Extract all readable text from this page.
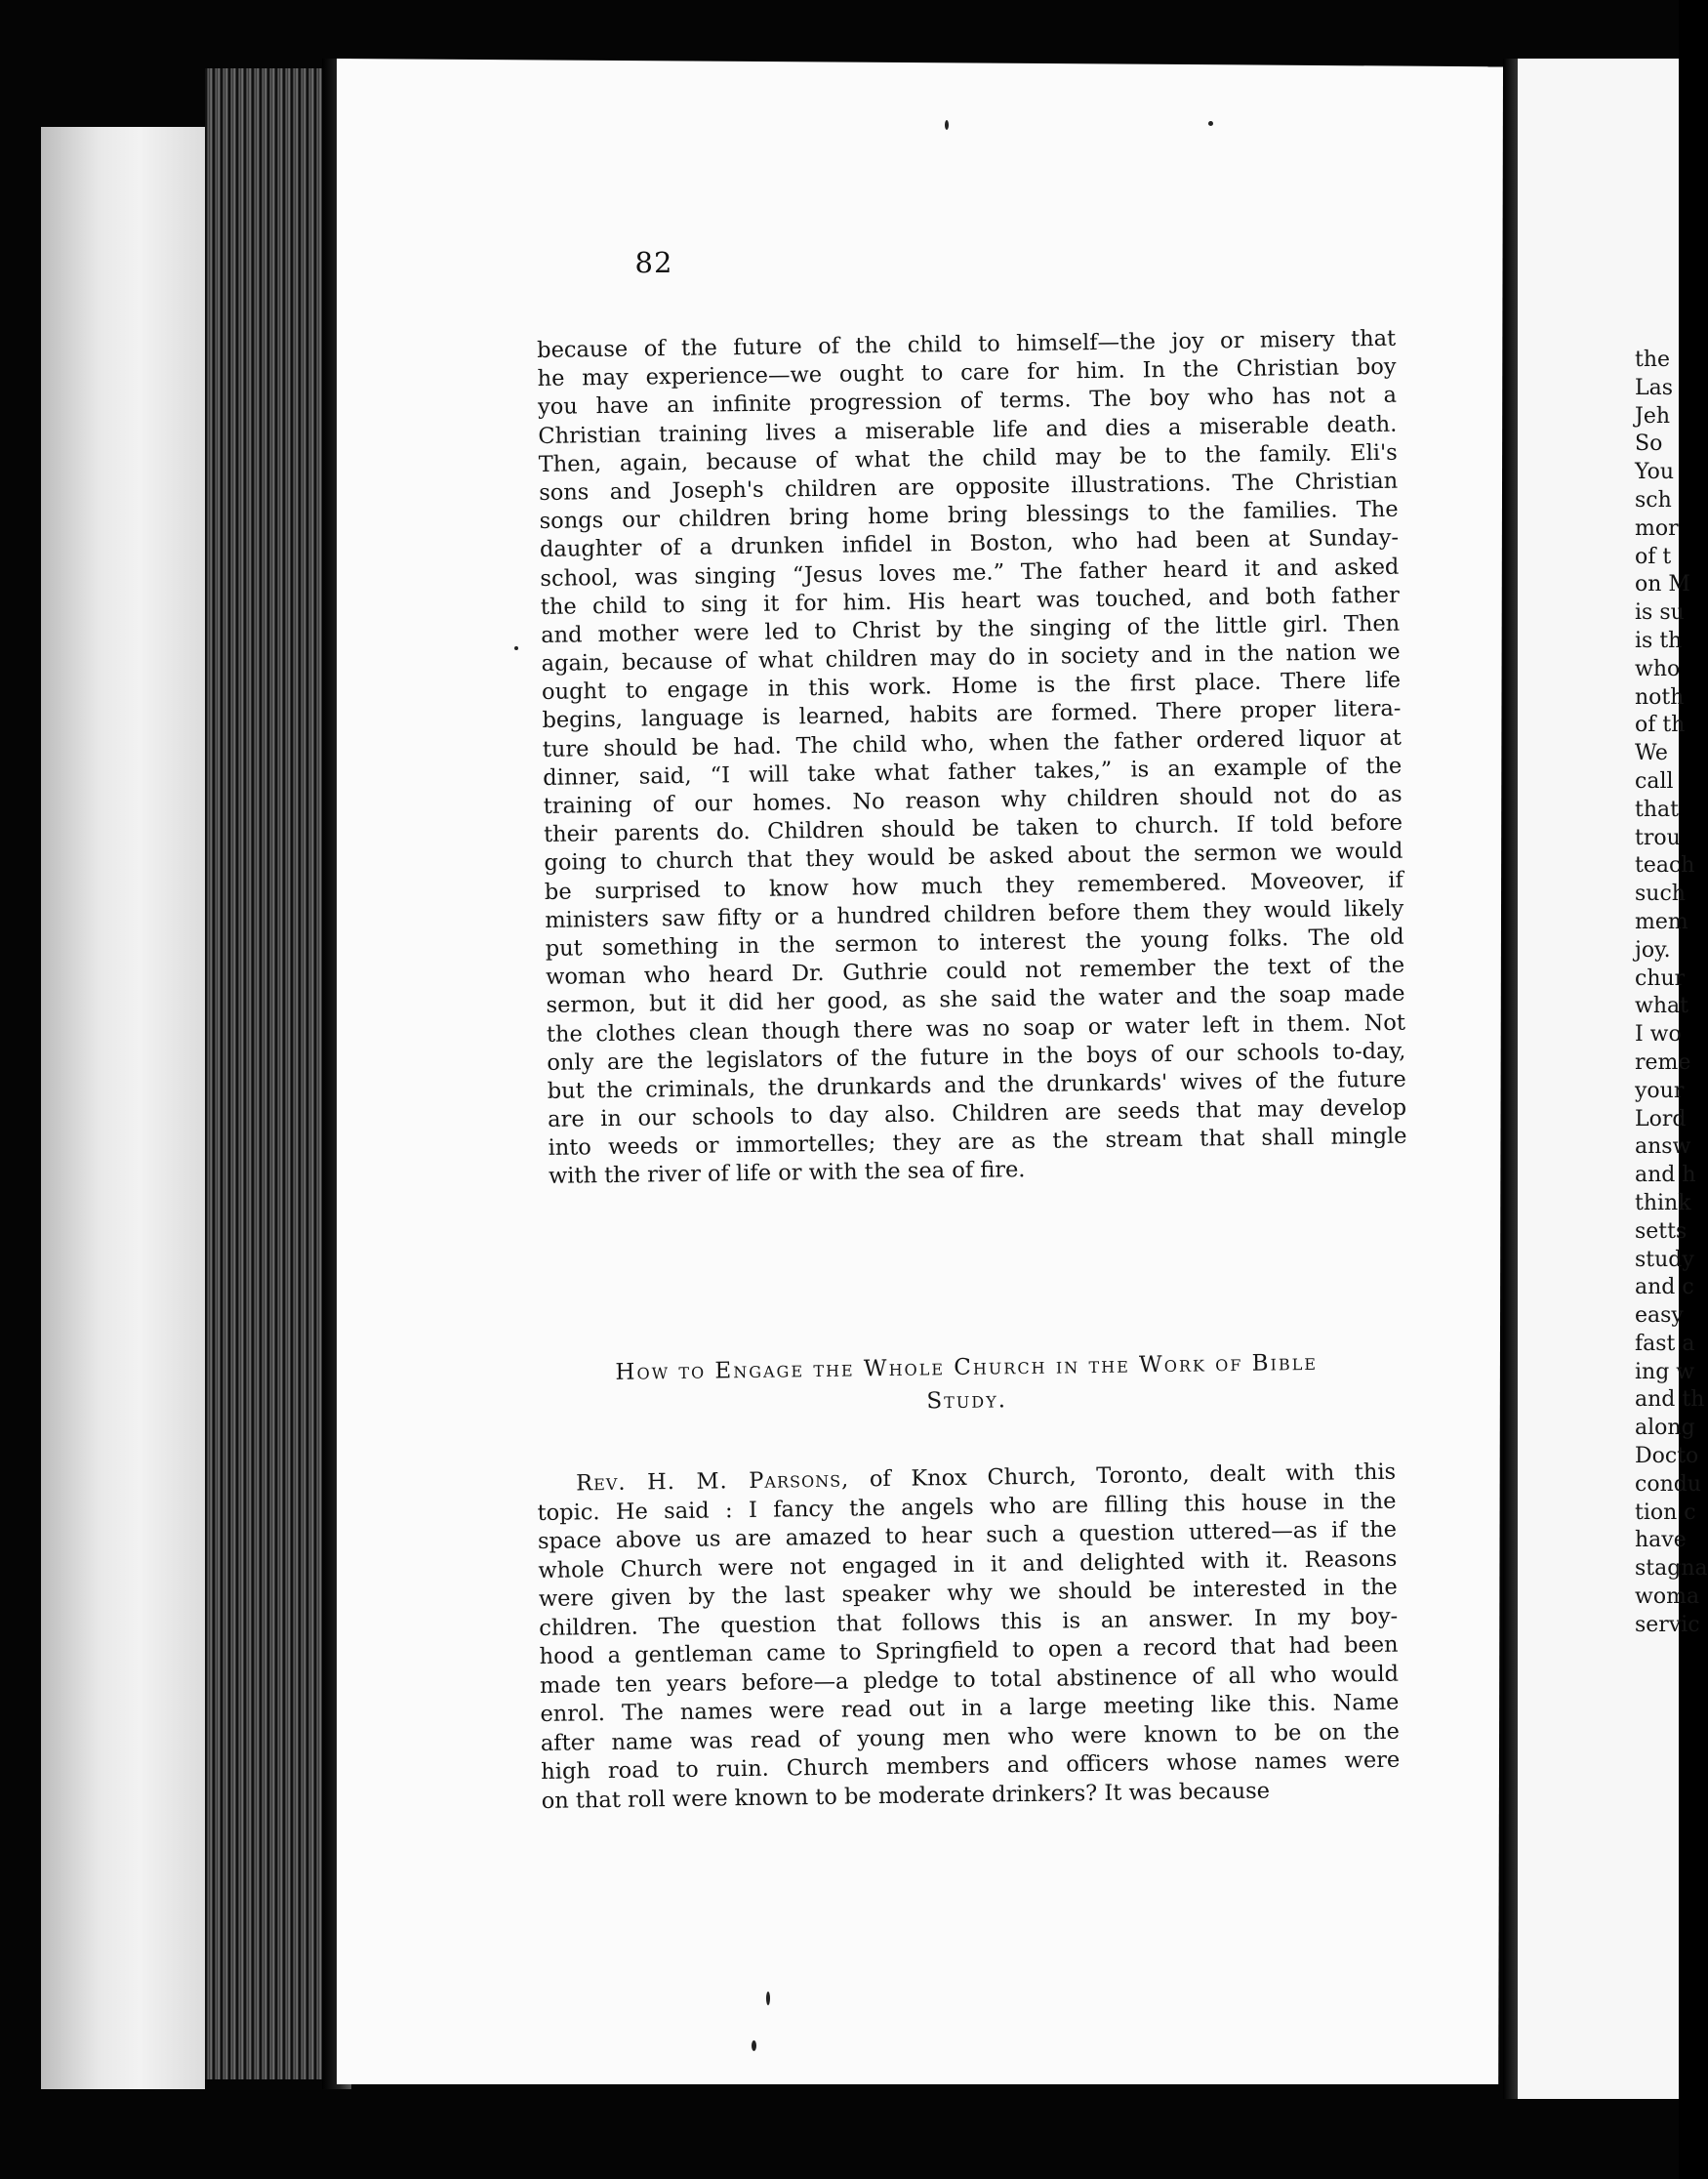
82
because of the future of the child to himself—the joy or misery that
he may experience—we ought to care for him. In the Christian boy
you have an infinite progression of terms. The boy who has not a
Christian training lives a miserable life and dies a miserable death.
Then, again, because of what the child may be to the family. Eli's
sons and Joseph's children are opposite illustrations. The Christian
songs our children bring home bring blessings to the families. The
daughter of a drunken infidel in Boston, who had been at Sunday-
school, was singing “Jesus loves me.” The father heard it and asked
the child to sing it for him. His heart was touched, and both father
and mother were led to Christ by the singing of the little girl. Then
again, because of what children may do in society and in the nation we
ought to engage in this work. Home is the first place. There life
begins, language is learned, habits are formed. There proper litera-
ture should be had. The child who, when the father ordered liquor at
dinner, said, “I will take what father takes,” is an example of the
training of our homes. No reason why children should not do as
their parents do. Children should be taken to church. If told before
going to church that they would be asked about the sermon we would
be surprised to know how much they remembered. Moveover, if
ministers saw fifty or a hundred children before them they would likely
put something in the sermon to interest the young folks. The old
woman who heard Dr. Guthrie could not remember the text of the
sermon, but it did her good, as she said the water and the soap made
the clothes clean though there was no soap or water left in them. Not
only are the legislators of the future in the boys of our schools to-day,
but the criminals, the drunkards and the drunkards' wives of the future
are in our schools to day also. Children are seeds that may develop
into weeds or immortelles; they are as the stream that shall mingle
with the river of life or with the sea of fire.
How to Engage the Whole Church in the Work of Bible
Study.
Rev. H. M. Parsons, of Knox Church, Toronto, dealt with this
topic. He said : I fancy the angels who are filling this house in the
space above us are amazed to hear such a question uttered—as if the
whole Church were not engaged in it and delighted with it. Reasons
were given by the last speaker why we should be interested in the
children. The question that follows this is an answer. In my boy-
hood a gentleman came to Springfield to open a record that had been
made ten years before—a pledge to total abstinence of all who would
enrol. The names were read out in a large meeting like this. Name
after name was read of young men who were known to be on the
high road to ruin. Church members and officers whose names were
on that roll were known to be moderate drinkers? It was because
the
Las
Jeh
So
You
sch
mor
of t
on M
is su
is th
who
noth
of th
We
call
that
trou
teach
such
mem
joy.
chur
what
I wo
reme
your
Lord
answ
and h
think
setts
study
and c
easy
fast a
ing w
and th
along
Docto
condu
tion c
have
stagna
woma
servic
